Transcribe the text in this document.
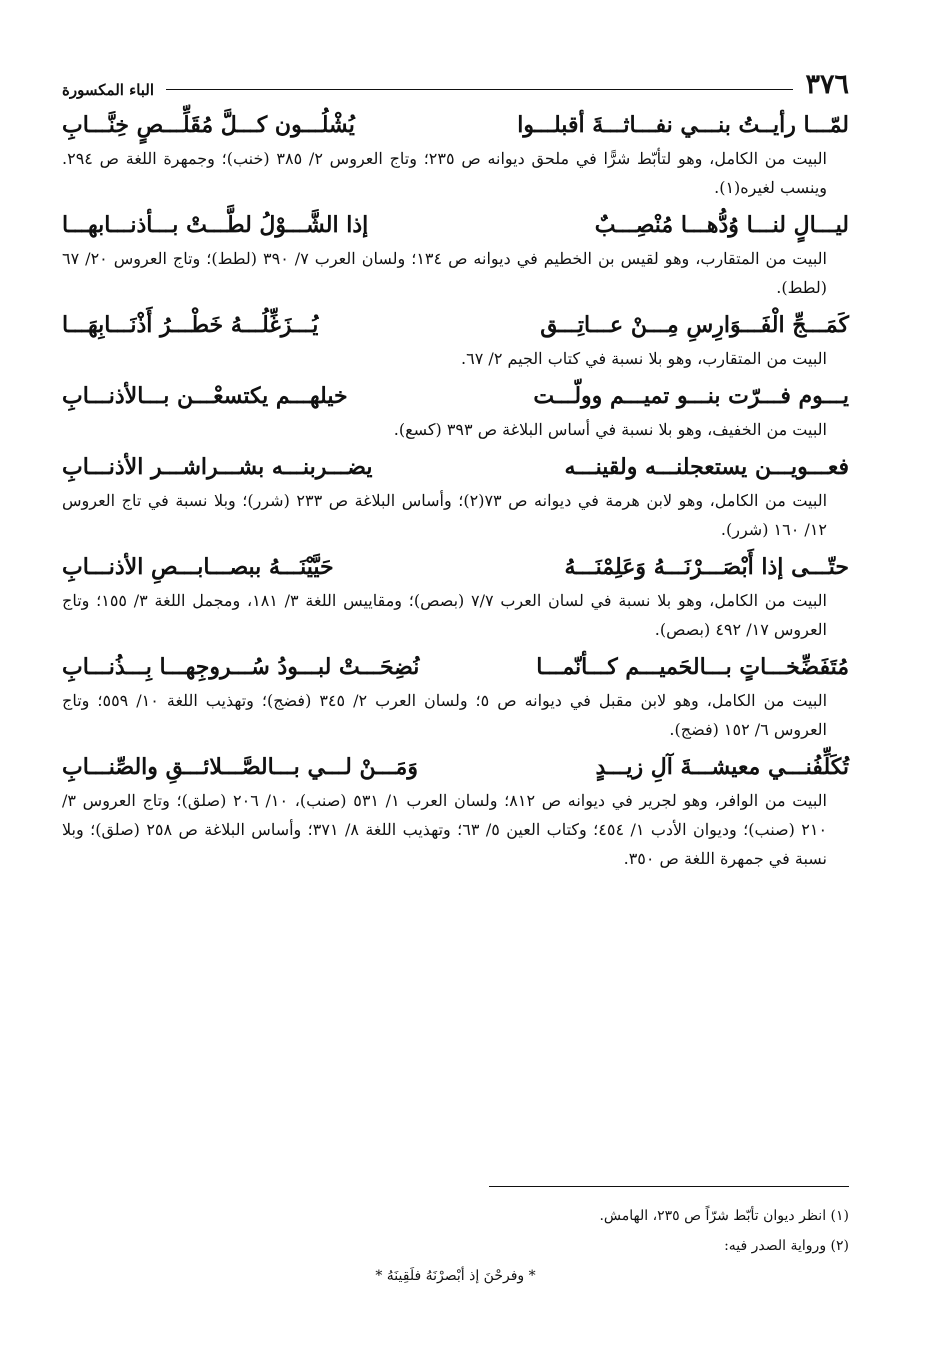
٣٧٦
الباء المكسورة
لمّـــا رأيــتُ بنـــي نفـــاثـــةَ أقبلـــوا
يُشْلُـــون كـــلَّ مُقَلِّـــصٍ خِنَّـــابِ

البيت من الكامل، وهو لتأبّط شرًّا في ملحق ديوانه ص ٢٣٥؛ وتاج العروس ٢/ ٣٨٥ (خنب)؛ وجمهرة اللغة ص ٢٩٤. وينسب لغيره(١).

ليـــالٍ لنـــا وُدُّهـــا مُنْصِـــبٌ
إذا الشَّـــوْلُ لطَّـــتْ بـــأذنـــابهـــا

البيت من المتقارب، وهو لقيس بن الخطيم في ديوانه ص ١٣٤؛ ولسان العرب ٧/ ٣٩٠ (لطط)؛ وتاج العروس ٢٠/ ٦٧ (لطط).

كَمَـــجِّ الْفَـــوَارِسِ مِـــنْ عـــاتِـــق
يُـــزَغِّلُـــهُ خَطْـــرُ أَذْنَـــابِهَـــا

البيت من المتقارب، وهو بلا نسبة في كتاب الجيم ٢/ ٦٧.

يـــوم فـــرّت بنـــو تميـــم وولّـــت
خيلهـــم يكتسعْـــن بـــالأذنـــابِ

البيت من الخفيف، وهو بلا نسبة في أساس البلاغة ص ٣٩٣ (كسع).

فعـــويـــن يستعجلنـــه ولقينـــه
يضـــربنـــه بشـــراشـــر الأذنـــابِ

البيت من الكامل، وهو لابن هرمة في ديوانه ص ٧٣(٢)؛ وأساس البلاغة ص ٢٣٣ (شرر)؛ وبلا نسبة في تاج العروس ١٢/ ١٦٠ (شرر).

حتّـــى إذا أَبْصَـــرْنَـــهُ وَعَلِمْنَـــهُ
حَيَّيْنَـــهُ ببصـــابـــصِ الأذنـــابِ

البيت من الكامل، وهو بلا نسبة في لسان العرب ٧/٧ (بصص)؛ ومقاييس اللغة ٣/ ١٨١، ومجمل اللغة ٣/ ١٥٥؛ وتاج العروس ١٧/ ٤٩٢ (بصص).

مُتَفَضِّخـــاتٍ بـــالحَميـــم كـــأنّمـــا
نُضِحَـــتْ لبـــودُ سُـــروجِهـــا بِـــذُنـــابِ

البيت من الكامل، وهو لابن مقبل في ديوانه ص ٥؛ ولسان العرب ٢/ ٣٤٥ (فضج)؛ وتهذيب اللغة ١٠/ ٥٥٩؛ وتاج العروس ٦/ ١٥٢ (فضج).

تُكَلِّفُنـــي معيشـــةَ آلِ زيـــدٍ
وَمَـــنْ لـــي بـــالصَّـــلائـــقِ والصِّنـــابِ

البيت من الوافر، وهو لجرير في ديوانه ص ٨١٢؛ ولسان العرب ١/ ٥٣١ (صنب)، ١٠/ ٢٠٦ (صلق)؛ وتاج العروس ٣/ ٢١٠ (صنب)؛ وديوان الأدب ١/ ٤٥٤؛ وكتاب العين ٥/ ٦٣؛ وتهذيب اللغة ٨/ ٣٧١؛ وأساس البلاغة ص ٢٥٨ (صلق)؛ وبلا نسبة في جمهرة اللغة ص ٣٥٠.

(١) انظر ديوان تأبّط شرّاً ص ٢٣٥، الهامش.
(٢) ورواية الصدر فيه:
* وفرحْنَ إذ أبْصرْنَهُ فلَقِينَهُ *
